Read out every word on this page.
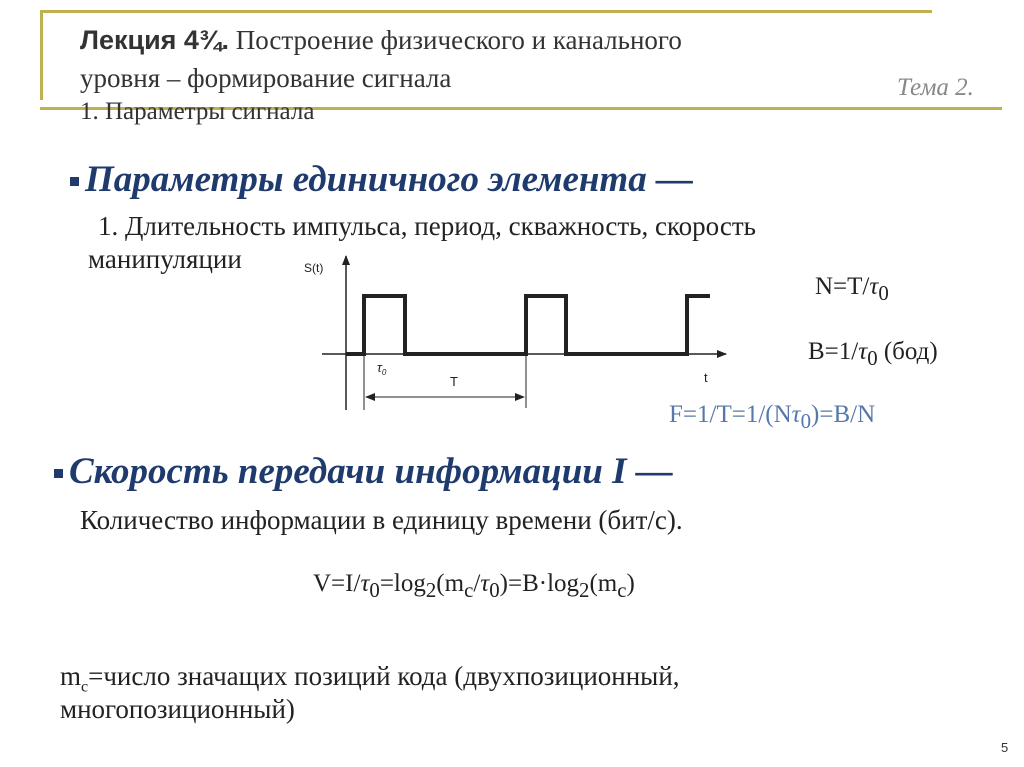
Лекция 4¾. Построение физического и канального
уровня – формирование сигнала
1. Параметры сигнала
Тема 2.
Параметры единичного элемента —
1. Длительность импульса, период, скважность, скорость
манипуляции	S(t)
t
$\tau_0$
T
$N=T/\tau_0$
$B=1/\tau_0$ (бод)
$F=1/T=1/(N\tau_0)=B/N$
Скорость передачи информации I —
Количество информации в единицу времени (бит/с).
$V=I/\tau_0=\log_2(m_c/\tau_0)=B\cdot\log_2(m_c)$
$m_c=число$ значащих позиций кода (двухпозиционный,
многопозиционный)
5
